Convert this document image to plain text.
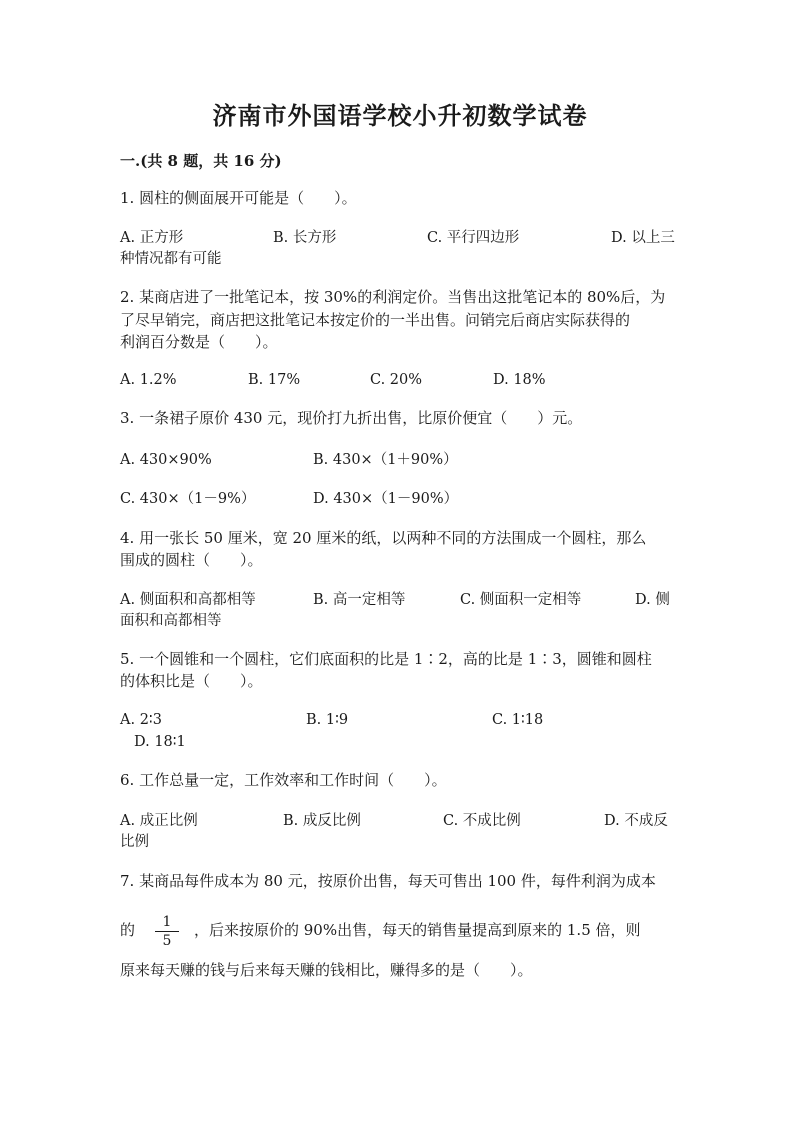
济南市外国语学校小升初数学试卷
一.(共 8 题，共 16 分)
1. 圆柱的侧面展开可能是（　　）。
A. 正方形	B. 长方形	C. 平行四边形	D. 以上三
种情况都有可能
2. 某商店进了一批笔记本，按 30%的利润定价。当售出这批笔记本的 80%后，为
了尽早销完，商店把这批笔记本按定价的一半出售。问销完后商店实际获得的
利润百分数是（　　）。
A. 1.2%	B. 17%	C. 20%	D. 18%
3. 一条裙子原价 430 元，现价打九折出售，比原价便宜（　　）元。
A. 430×90%	B. 430×（1＋90%）
C. 430×（1－9%）	D. 430×（1－90%）
4. 用一张长 50 厘米，宽 20 厘米的纸，以两种不同的方法围成一个圆柱，那么
围成的圆柱（　　）。
A. 侧面积和高都相等	B. 高一定相等	C. 侧面积一定相等	D. 侧
面积和高都相等
5. 一个圆锥和一个圆柱，它们底面积的比是 1∶2，高的比是 1∶3，圆锥和圆柱
的体积比是（　　）。
A. 2∶3	B. 1∶9	C. 1∶18
D. 18∶1
6. 工作总量一定，工作效率和工作时间（　　）。
A. 成正比例	B. 成反比例	C. 不成比例	D. 不成反
比例
7. 某商品每件成本为 80 元，按原价出售，每天可售出 100 件，每件利润为成本
的	1
5
，后来按原价的 90%出售，每天的销售量提高到原来的 1.5 倍，则
原来每天赚的钱与后来每天赚的钱相比，赚得多的是（　　）。
